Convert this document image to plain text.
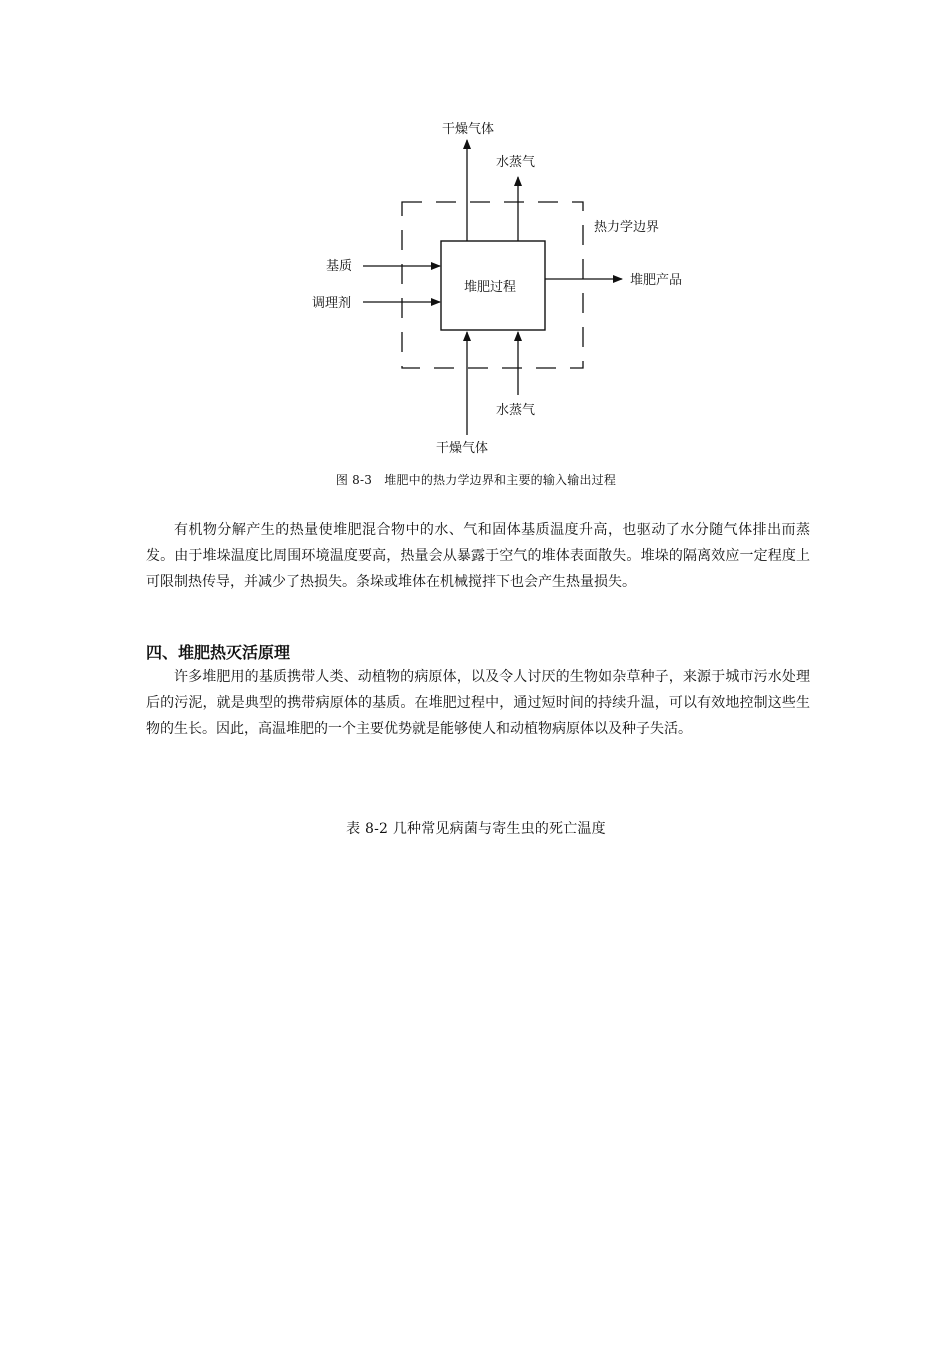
干燥气体
水蒸气
热力学边界
基质
调理剂
堆肥过程	堆肥产品
水蒸气
干燥气体
图 8-3　堆肥中的热力学边界和主要的输入输出过程

有机物分解产生的热量使堆肥混合物中的水、气和固体基质温度升高，也驱动了水分随气体排出而蒸发。由于堆垛温度比周围环境温度要高，热量会从暴露于空气的堆体表面散失。堆垛的隔离效应一定程度上可限制热传导，并减少了热损失。条垛或堆体在机械搅拌下也会产生热量损失。

四、堆肥热灭活原理

许多堆肥用的基质携带人类、动植物的病原体，以及令人讨厌的生物如杂草种子，来源于城市污水处理后的污泥，就是典型的携带病原体的基质。在堆肥过程中，通过短时间的持续升温，可以有效地控制这些生物的生长。因此，高温堆肥的一个主要优势就是能够使人和动植物病原体以及种子失活。

表 8-2 几种常见病菌与寄生虫的死亡温度
